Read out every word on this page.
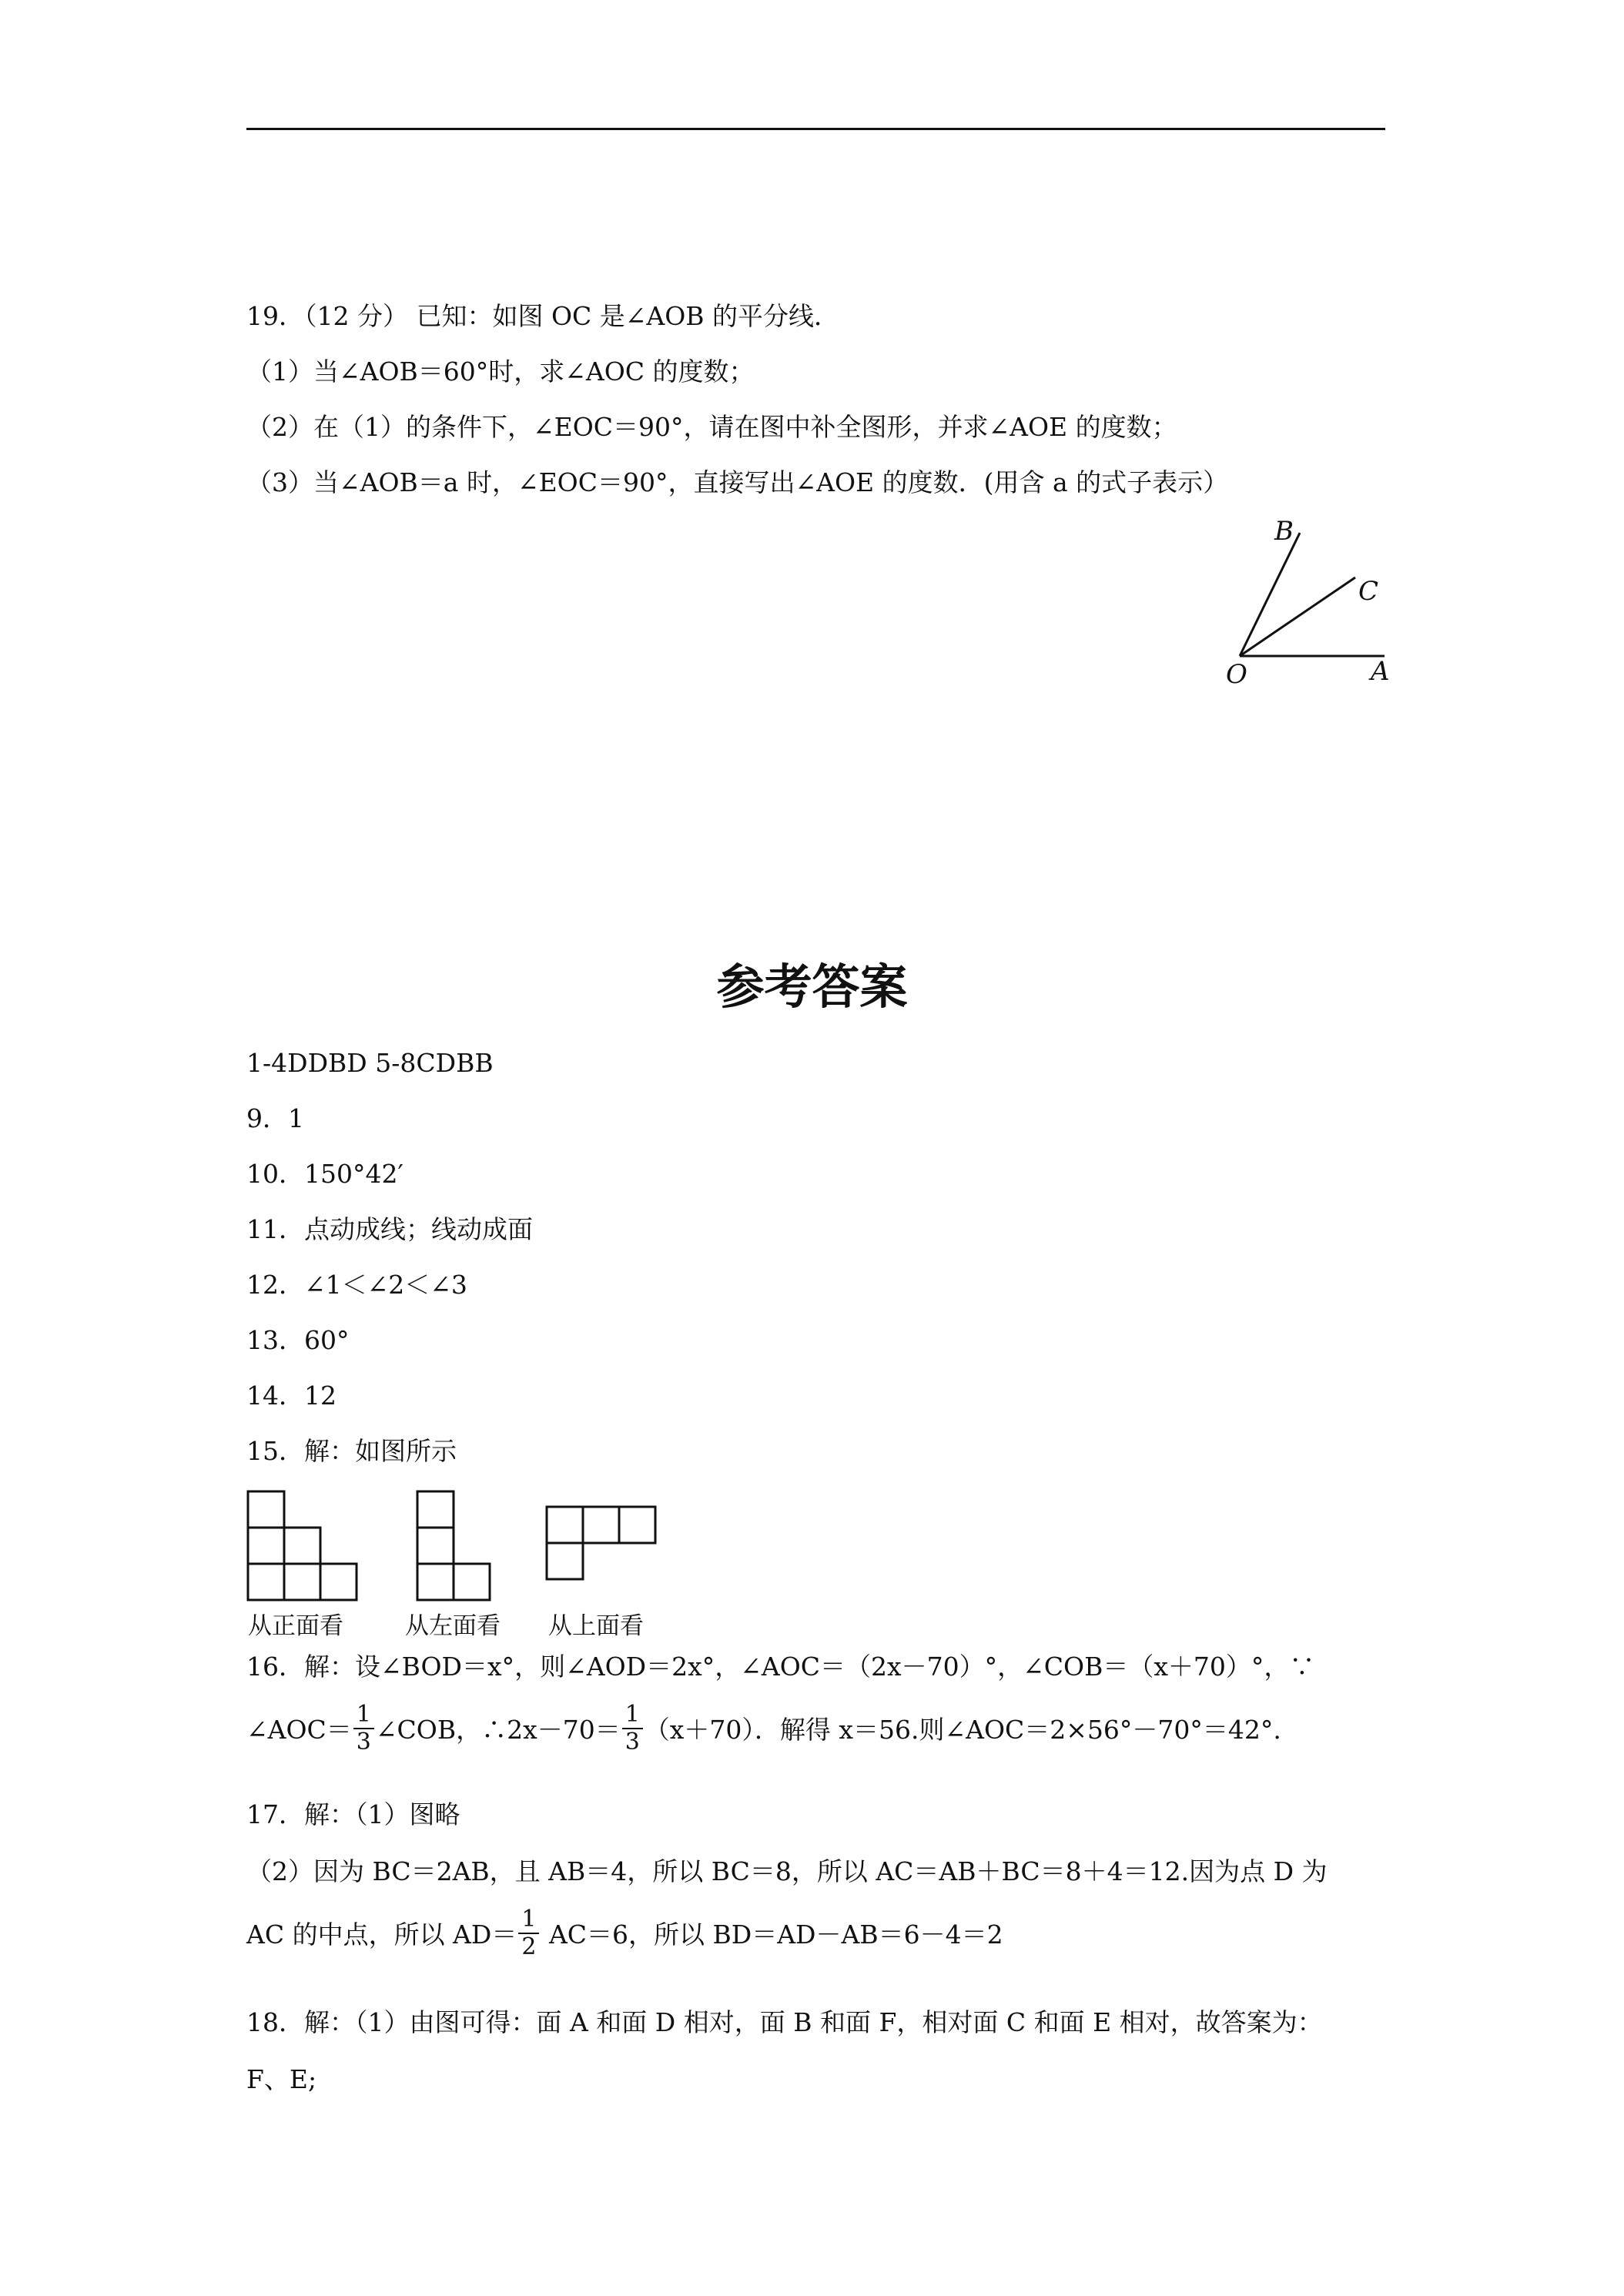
19．（12 分） 已知：如图 OC 是∠AOB 的平分线．
（1）当∠AOB＝60°时，求∠AOC 的度数；
（2）在（1）的条件下，∠EOC＝90°，请在图中补全图形，并求∠AOE 的度数；
（3）当∠AOB＝a 时，∠EOC＝90°，直接写出∠AOE 的度数．(用含 a 的式子表示）
B
C
O	A
参考答案
1-4DDBD 5-8CDBB
9．1
10．150°42′
11．点动成线；线动成面
12．∠1＜∠2＜∠3
13．60°
14．12
15．解：如图所示
从正面看	从左面看 从上面看
16．解：设∠BOD＝x°，则∠AOD＝2x°，∠AOC＝（2x－70）°，∠COB＝（x＋70）°，∵
∠AOC＝ $\frac{1}{3}$ ∠COB，∴2x－70＝ $\frac{1}{3} (x+70)$．解得 x＝56.则∠AOC＝2×56°－70°＝42°.
17．解：（1）图略
（2）因为 BC＝2AB，且 AB＝4，所以 BC＝8，所以 AC＝AB＋BC＝8＋4＝12.因为点 D 为
AC 的中点，所以 $AD= \frac{1}{2} AC=6$，所以 BD＝AD－AB＝6－4＝2
18．解：（1）由图可得：面 A 和面 D 相对，面 B 和面 F，相对面 C 和面 E 相对，故答案为：
F、E;
